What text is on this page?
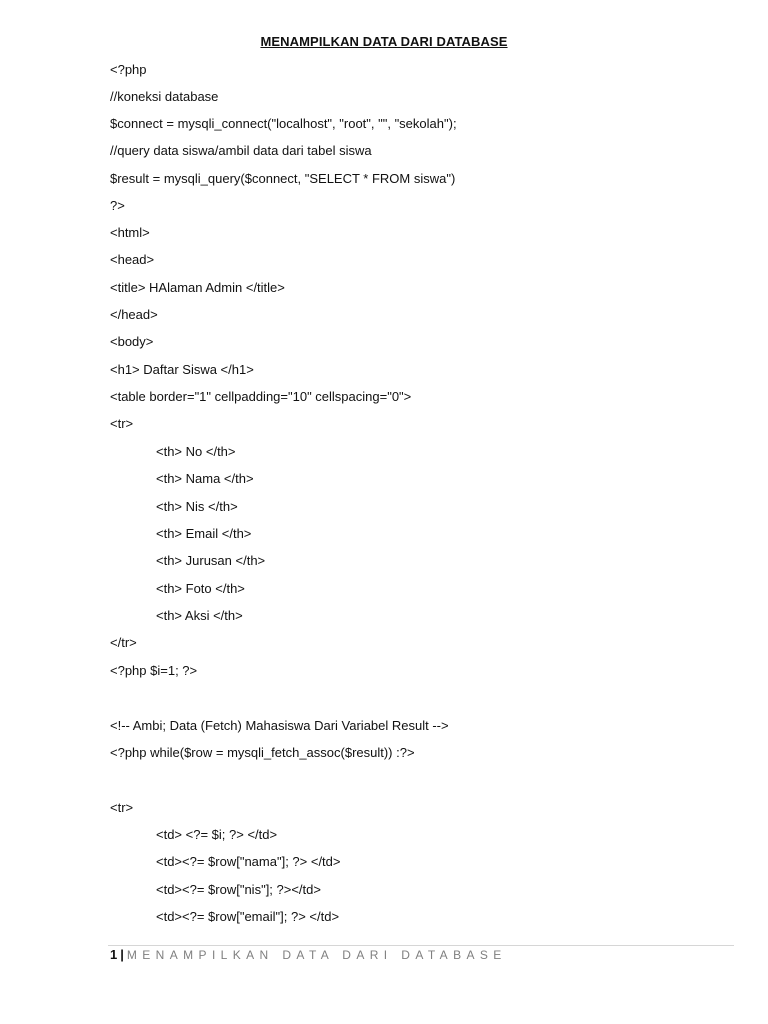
MENAMPILKAN DATA DARI DATABASE
<?php
//koneksi database
$connect = mysqli_connect("localhost", "root", "", "sekolah");
//query data siswa/ambil data dari tabel siswa
$result = mysqli_query($connect, "SELECT * FROM siswa")
?>
<html>
<head>
<title> HAlaman Admin </title>
</head>
<body>
<h1> Daftar Siswa </h1>
<table border="1" cellpadding="10" cellspacing="0">
<tr>
<th> No </th>
<th> Nama </th>
<th> Nis </th>
<th> Email </th>
<th> Jurusan </th>
<th> Foto </th>
<th> Aksi </th>
</tr>
<?php $i=1; ?>
<!-- Ambi; Data (Fetch) Mahasiswa Dari Variabel Result -->
<?php while($row = mysqli_fetch_assoc($result)) :?>
<tr>
<td> <?= $i; ?> </td>
<td><?= $row["nama"]; ?> </td>
<td><?= $row["nis"]; ?></td>
<td><?= $row["email"]; ?> </td>
1 | MENAMPILKAN DATA DARI DATABASE
